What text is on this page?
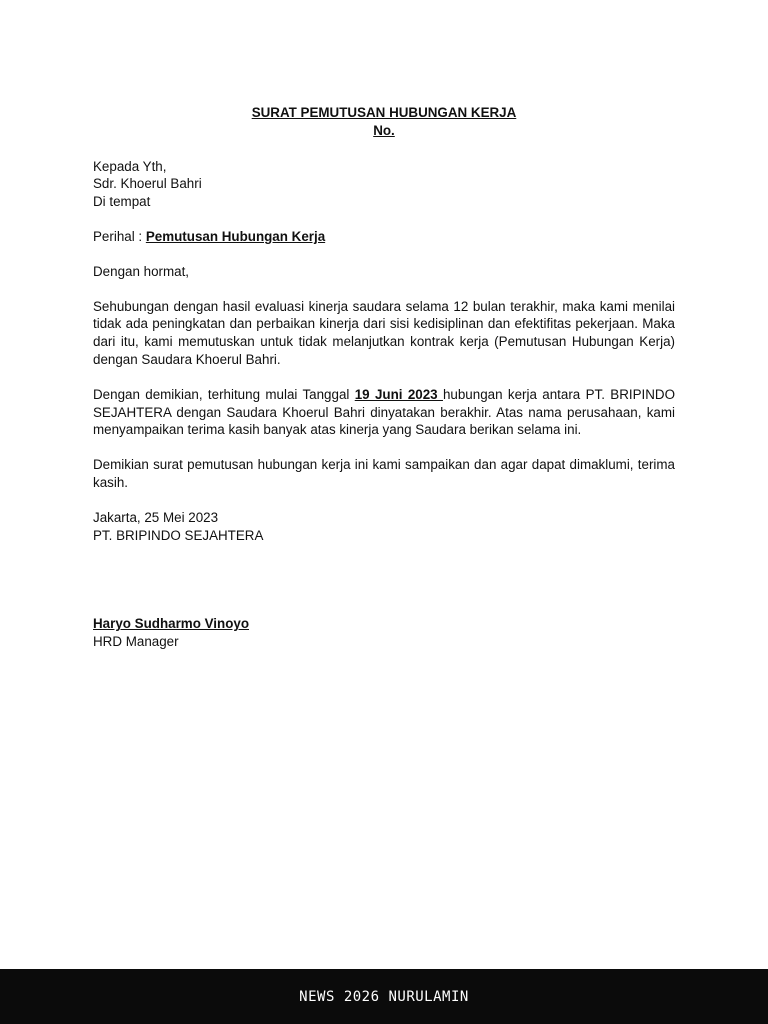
SURAT PEMUTUSAN HUBUNGAN KERJA
No.
Kepada Yth,
Sdr. Khoerul Bahri
Di tempat
Perihal : Pemutusan Hubungan Kerja
Dengan hormat,
Sehubungan dengan hasil evaluasi kinerja saudara selama 12 bulan terakhir, maka kami menilai tidak ada peningkatan dan perbaikan kinerja dari sisi kedisiplinan dan efektifitas pekerjaan. Maka dari itu, kami memutuskan untuk tidak melanjutkan kontrak kerja (Pemutusan Hubungan Kerja) dengan Saudara Khoerul Bahri.
Dengan demikian, terhitung mulai Tanggal 19 Juni 2023 hubungan kerja antara PT. BRIPINDO SEJAHTERA dengan Saudara Khoerul Bahri dinyatakan berakhir. Atas nama perusahaan, kami menyampaikan terima kasih banyak atas kinerja yang Saudara berikan selama ini.
Demikian surat pemutusan hubungan kerja ini kami sampaikan dan agar dapat dimaklumi, terima kasih.
Jakarta, 25 Mei 2023
PT. BRIPINDO SEJAHTERA
Haryo Sudharmo Vinoyo
HRD Manager
NEWS 2026 NURULAMIN
